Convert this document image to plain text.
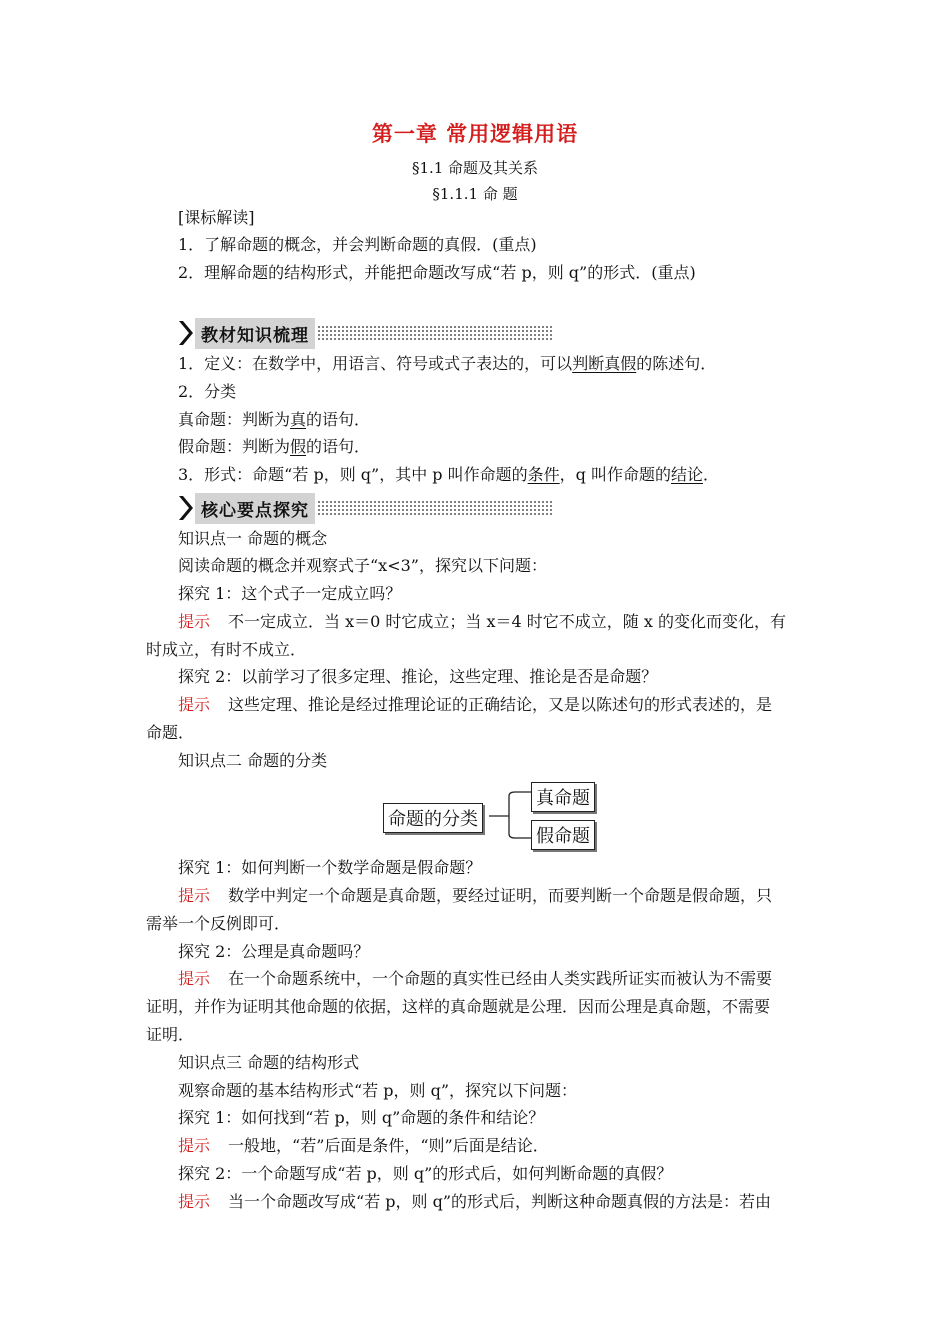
第一章 常用逻辑用语
§1.1 命题及其关系
§1.1.1 命 题
[课标解读]
1．了解命题的概念，并会判断命题的真假．(重点)
2．理解命题的结构形式，并能把命题改写成“若 p，则 q”的形式．(重点)
教材知识梳理
1．定义：在数学中，用语言、符号或式子表达的，可以判断真假的陈述句．
2．分类
真命题：判断为真的语句．
假命题：判断为假的语句．
3．形式：命题“若 p，则 q”，其中 p 叫作命题的条件，q 叫作命题的结论．
核心要点探究
知识点一 命题的概念
阅读命题的概念并观察式子“x<3”，探究以下问题：
探究 1：这个式子一定成立吗？
提示 不一定成立．当 x＝0 时它成立；当 x＝4 时它不成立，随 x 的变化而变化，有
时成立，有时不成立．
探究 2：以前学习了很多定理、推论，这些定理、推论是否是命题？
提示 这些定理、推论是经过推理论证的正确结论，又是以陈述句的形式表述的，是
命题．
知识点二 命题的分类
命题的分类
真命题
假命题
探究 1：如何判断一个数学命题是假命题？
提示 数学中判定一个命题是真命题，要经过证明，而要判断一个命题是假命题，只
需举一个反例即可．
探究 2：公理是真命题吗？
提示 在一个命题系统中，一个命题的真实性已经由人类实践所证实而被认为不需要
证明，并作为证明其他命题的依据，这样的真命题就是公理．因而公理是真命题，不需要
证明．
知识点三 命题的结构形式
观察命题的基本结构形式“若 p，则 q”，探究以下问题：
探究 1：如何找到“若 p，则 q”命题的条件和结论？
提示 一般地，“若”后面是条件，“则”后面是结论．
探究 2：一个命题写成“若 p，则 q”的形式后，如何判断命题的真假？
提示 当一个命题改写成“若 p，则 q”的形式后，判断这种命题真假的方法是：若由
